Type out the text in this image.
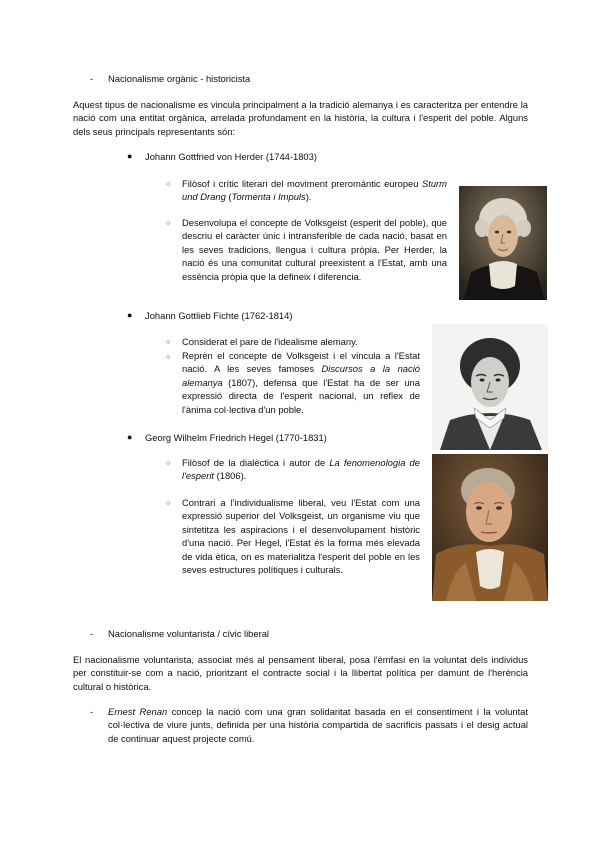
- Nacionalisme orgànic - historicista
Aquest tipus de nacionalisme es vincula principalment a la tradició alemanya i es caracteritza per entendre la nació com una entitat orgànica, arrelada profundament en la història, la cultura i l'esperit del poble. Alguns dels seus principals representants són:
● Johann Gottfried von Herder (1744-1803)
○ Filòsof i crític literari del moviment preromàntic europeu Sturm und Drang (Tormenta i Impuls).
○ Desenvolupa el concepte de Volksgeist (esperit del poble), que descriu el caràcter únic i intransferible de cada nació, basat en les seves tradicions, llengua i cultura pròpia. Per Herder, la nació és una comunitat cultural preexistent a l'Estat, amb una essència pròpia que la defineix i diferencia.
● Johann Gottlieb Fichte (1762-1814)
○ Considerat el pare de l'idealisme alemany.
○ Reprèn el concepte de Volksgeist i el vincula a l'Estat nació. A les seves famoses Discursos a la nació alemanya (1807), defensa que l'Estat ha de ser una expressió directa de l'esperit nacional, un reflex de l'ànima col·lectiva d'un poble.
● Georg Wilhelm Friedrich Hegel (1770-1831)
○ Filòsof de la dialèctica i autor de La fenomenologia de l'esperit (1806).
○ Contrari a l'individualisme liberal, veu l'Estat com una expressió superior del Volksgeist, un organisme viu que sintetitza les aspiracions i el desenvolupament històric d'una nació. Per Hegel, l'Estat és la forma més elevada de vida ètica, on es materialitza l'esperit del poble en les seves estructures polítiques i culturals.
- Nacionalisme voluntarista / cívic liberal
El nacionalisme voluntarista, associat més al pensament liberal, posa l'èmfasi en la voluntat dels individus per constituir-se com a nació, prioritzant el contracte social i la llibertat política per damunt de l'herència cultural o històrica.
- Ernest Renan concep la nació com una gran solidaritat basada en el consentiment i la voluntat col·lectiva de viure junts, definida per una història compartida de sacrificis passats i el desig actual de continuar aquest projecte comú.
